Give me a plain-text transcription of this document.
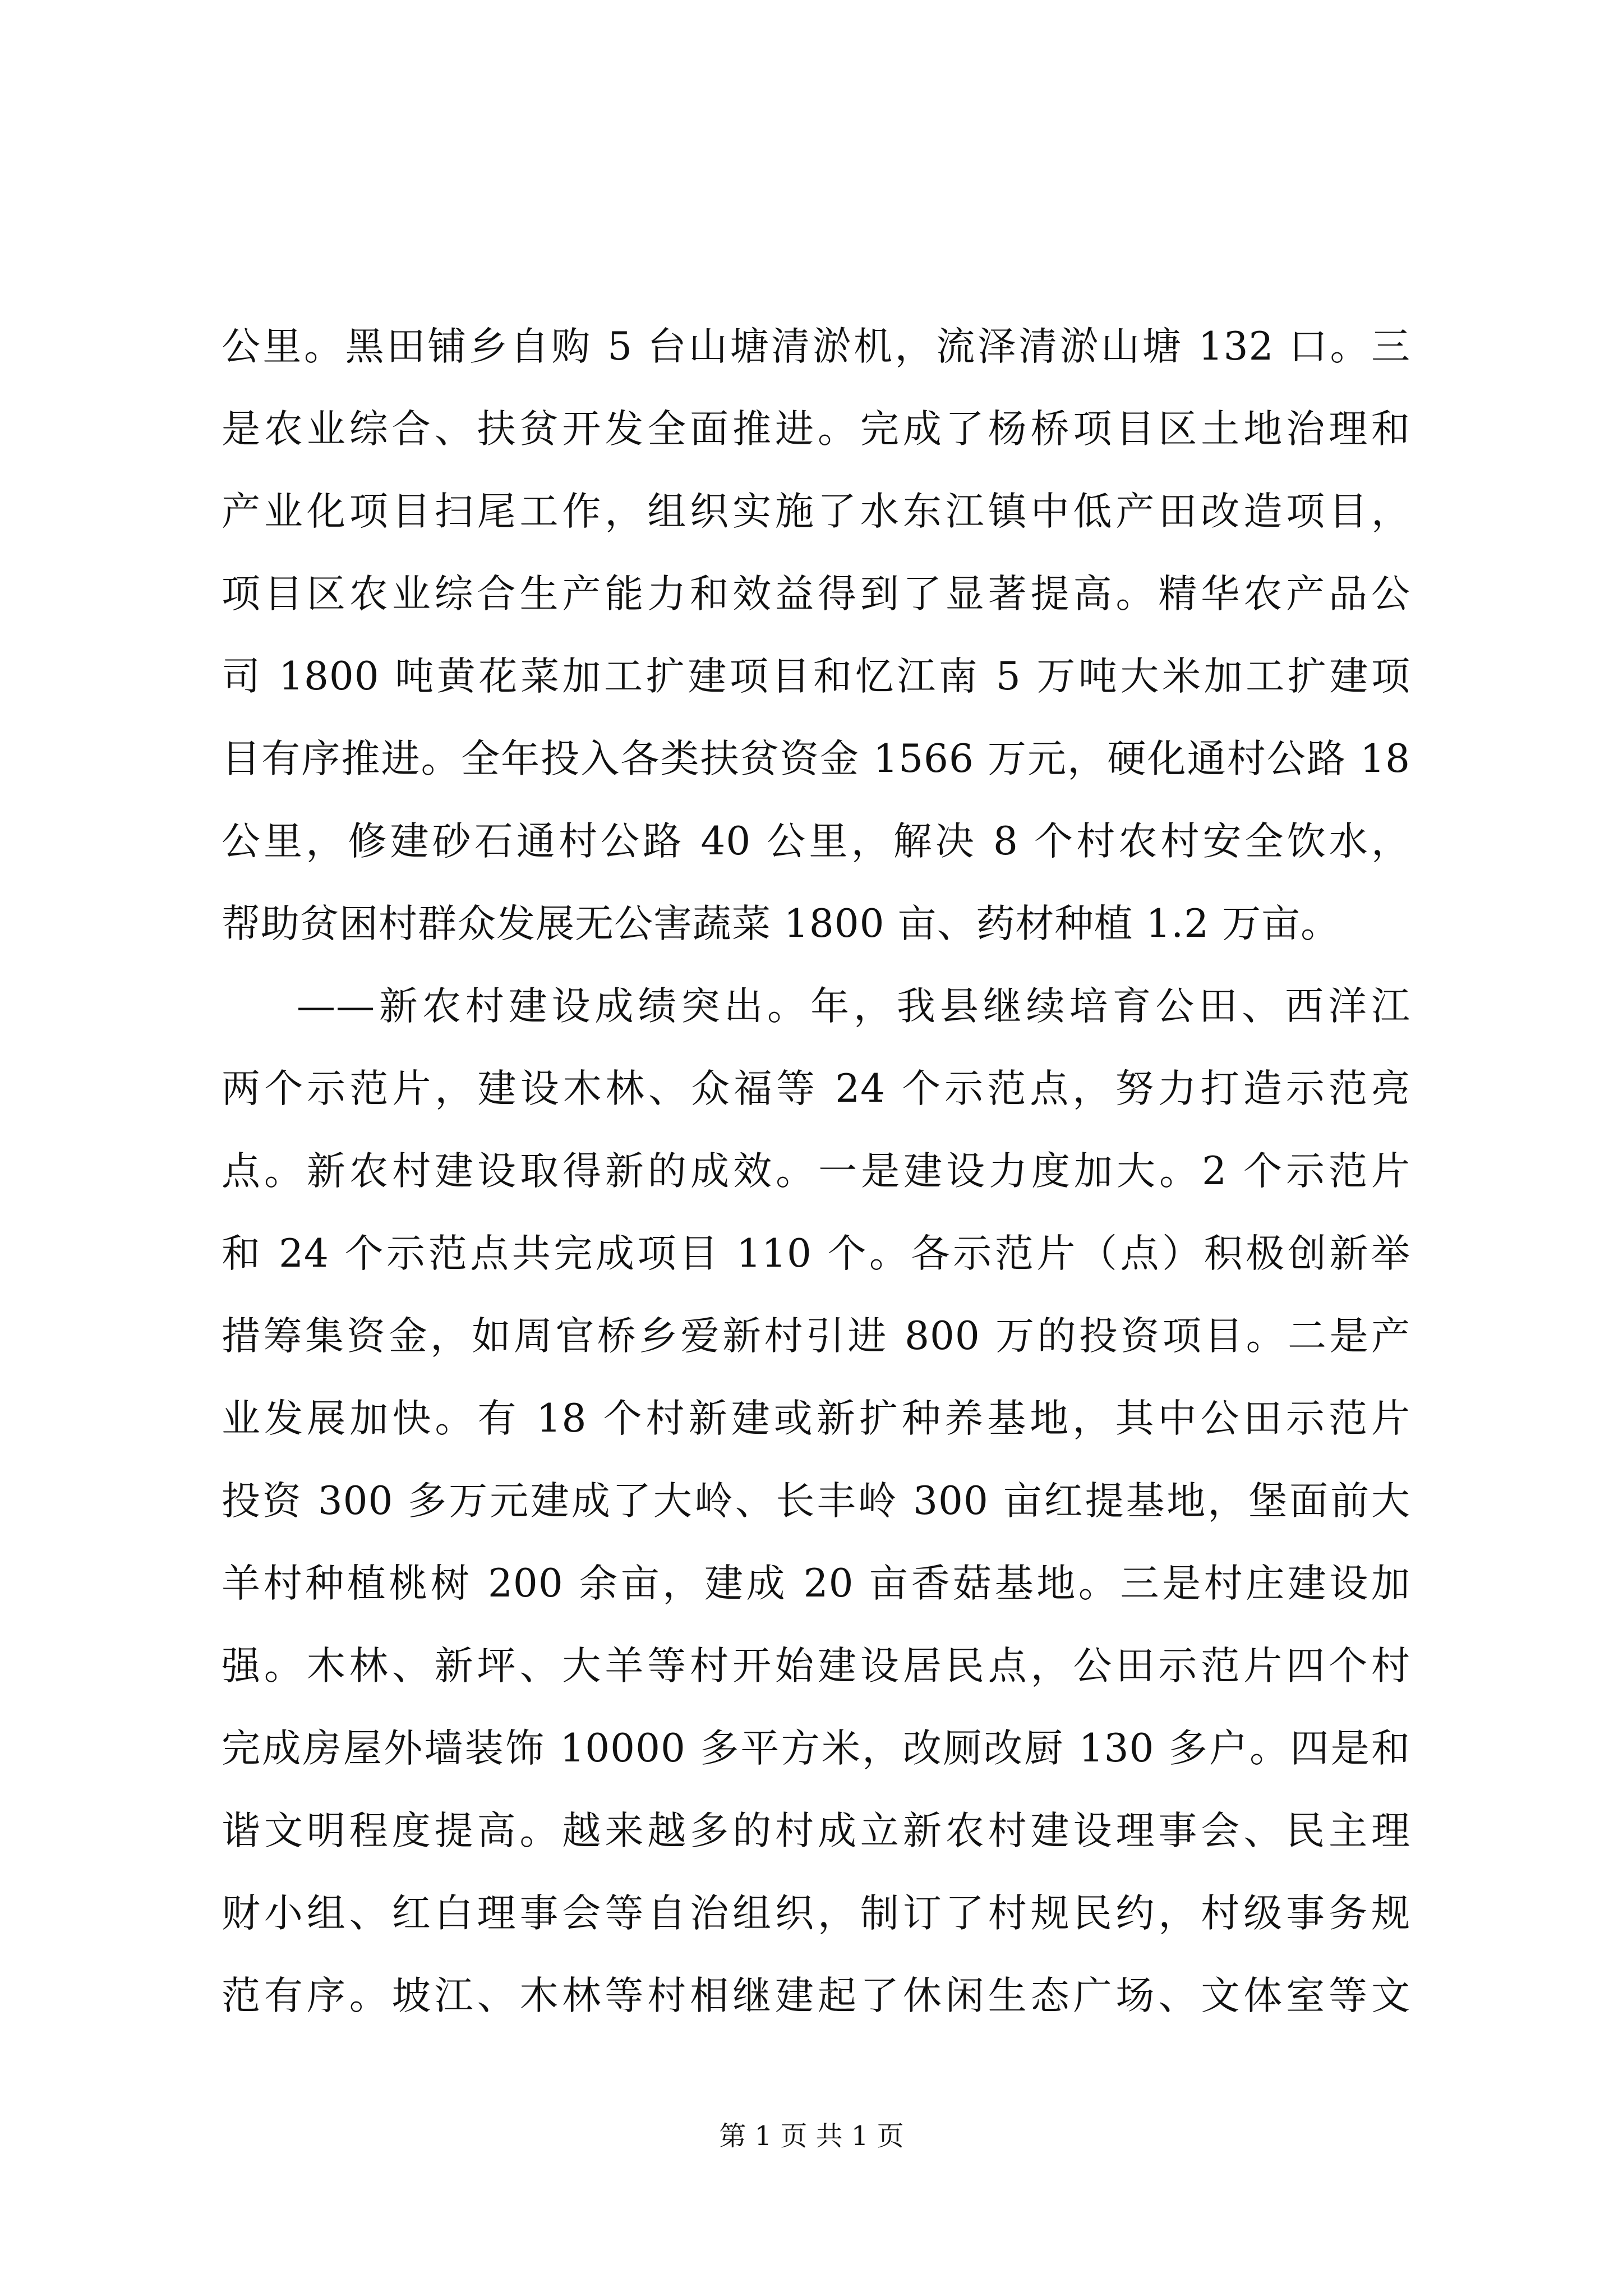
公里。黑田铺乡自购 5 台山塘清淤机，流泽清淤山塘 132 口。三
是农业综合、扶贫开发全面推进。完成了杨桥项目区土地治理和
产业化项目扫尾工作，组织实施了水东江镇中低产田改造项目，
项目区农业综合生产能力和效益得到了显著提高。精华农产品公
司 1800 吨黄花菜加工扩建项目和忆江南 5 万吨大米加工扩建项
目有序推进。全年投入各类扶贫资金 1566 万元，硬化通村公路 18
公里，修建砂石通村公路 40 公里，解决 8 个村农村安全饮水，
帮助贫困村群众发展无公害蔬菜 1800 亩、药材种植 1.2 万亩。
——新农村建设成绩突出。年，我县继续培育公田、西洋江
两个示范片，建设木林、众福等 24 个示范点，努力打造示范亮
点。新农村建设取得新的成效。一是建设力度加大。2 个示范片
和 24 个示范点共完成项目 110 个。各示范片（点）积极创新举
措筹集资金，如周官桥乡爱新村引进 800 万的投资项目。二是产
业发展加快。有 18 个村新建或新扩种养基地，其中公田示范片
投资 300 多万元建成了大岭、长丰岭 300 亩红提基地，堡面前大
羊村种植桃树 200 余亩，建成 20 亩香菇基地。三是村庄建设加
强。木林、新坪、大羊等村开始建设居民点，公田示范片四个村
完成房屋外墙装饰 10000 多平方米，改厕改厨 130 多户。四是和
谐文明程度提高。越来越多的村成立新农村建设理事会、民主理
财小组、红白理事会等自治组织，制订了村规民约，村级事务规
范有序。坡江、木林等村相继建起了休闲生态广场、文体室等文
第 1 页 共 1 页
